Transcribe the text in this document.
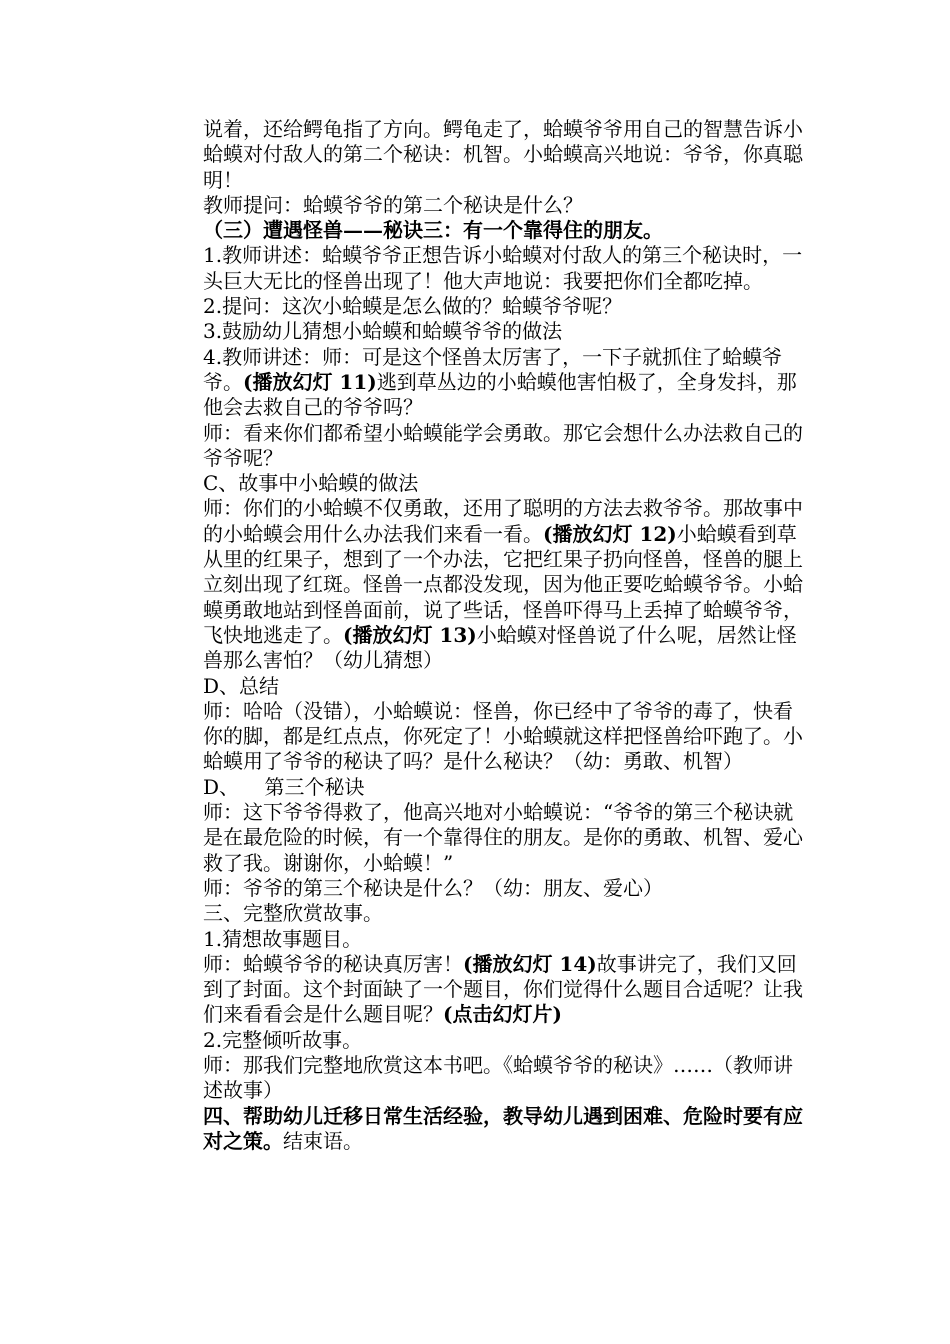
说着，还给鳄龟指了方向。鳄龟走了，蛤蟆爷爷用自己的智慧告诉小蛤蟆对付敌人的第二个秘诀：机智。小蛤蟆高兴地说：爷爷，你真聪明！

教师提问：蛤蟆爷爷的第二个秘诀是什么？

（三）遭遇怪兽——秘诀三：有一个靠得住的朋友。

1.教师讲述：蛤蟆爷爷正想告诉小蛤蟆对付敌人的第三个秘诀时，一头巨大无比的怪兽出现了！他大声地说：我要把你们全都吃掉。

2.提问：这次小蛤蟆是怎么做的？蛤蟆爷爷呢？

3.鼓励幼儿猜想小蛤蟆和蛤蟆爷爷的做法

4.教师讲述：师：可是这个怪兽太厉害了，一下子就抓住了蛤蟆爷爷。(播放幻灯 11)逃到草丛边的小蛤蟆他害怕极了，全身发抖，那他会去救自己的爷爷吗？

师：看来你们都希望小蛤蟆能学会勇敢。那它会想什么办法救自己的爷爷呢？

C、故事中小蛤蟆的做法

师：你们的小蛤蟆不仅勇敢，还用了聪明的方法去救爷爷。那故事中的小蛤蟆会用什么办法我们来看一看。(播放幻灯 12)小蛤蟆看到草从里的红果子，想到了一个办法，它把红果子扔向怪兽，怪兽的腿上立刻出现了红斑。怪兽一点都没发现，因为他正要吃蛤蟆爷爷。小蛤蟆勇敢地站到怪兽面前，说了些话，怪兽吓得马上丢掉了蛤蟆爷爷，飞快地逃走了。(播放幻灯 13)小蛤蟆对怪兽说了什么呢，居然让怪兽那么害怕？（幼儿猜想）

D、总结

师：哈哈（没错），小蛤蟆说：怪兽，你已经中了爷爷的毒了，快看你的脚，都是红点点，你死定了！小蛤蟆就这样把怪兽给吓跑了。小蛤蟆用了爷爷的秘诀了吗？是什么秘诀？（幼：勇敢、机智）

D、    第三个秘诀

师：这下爷爷得救了，他高兴地对小蛤蟆说：“爷爷的第三个秘诀就是在最危险的时候，有一个靠得住的朋友。是你的勇敢、机智、爱心救了我。谢谢你，小蛤蟆！”

师：爷爷的第三个秘诀是什么？（幼：朋友、爱心）

三、完整欣赏故事。

1.猜想故事题目。

师：蛤蟆爷爷的秘诀真厉害！(播放幻灯 14)故事讲完了，我们又回到了封面。这个封面缺了一个题目，你们觉得什么题目合适呢？让我们来看看会是什么题目呢？(点击幻灯片)

2.完整倾听故事。

师：那我们完整地欣赏这本书吧。《蛤蟆爷爷的秘诀》……（教师讲述故事）

四、帮助幼儿迁移日常生活经验，教导幼儿遇到困难、危险时要有应对之策。结束语。
